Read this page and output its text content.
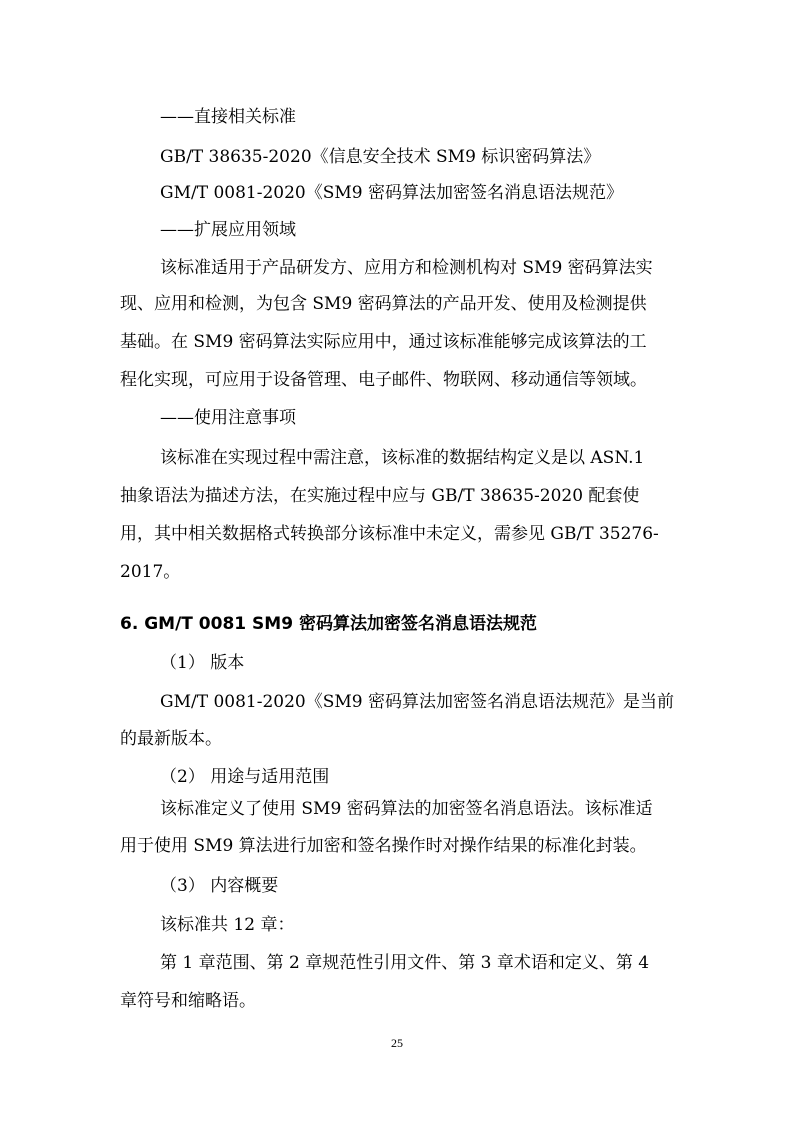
——直接相关标准
GB/T 38635-2020《信息安全技术 SM9 标识密码算法》
GM/T 0081-2020《SM9 密码算法加密签名消息语法规范》
——扩展应用领域
该标准适用于产品研发方、应用方和检测机构对 SM9 密码算法实
现、应用和检测，为包含 SM9 密码算法的产品开发、使用及检测提供
基础。在 SM9 密码算法实际应用中，通过该标准能够完成该算法的工
程化实现，可应用于设备管理、电子邮件、物联网、移动通信等领域。
——使用注意事项
该标准在实现过程中需注意，该标准的数据结构定义是以 ASN.1
抽象语法为描述方法，在实施过程中应与 GB/T 38635-2020 配套使
用，其中相关数据格式转换部分该标准中未定义，需参见 GB/T 35276-
2017。
6. GM/T 0081 SM9 密码算法加密签名消息语法规范
（1） 版本
GM/T 0081-2020《SM9 密码算法加密签名消息语法规范》是当前
的最新版本。
（2） 用途与适用范围
该标准定义了使用 SM9 密码算法的加密签名消息语法。该标准适
用于使用 SM9 算法进行加密和签名操作时对操作结果的标准化封装。
（3） 内容概要
该标准共 12 章：
第 1 章范围、第 2 章规范性引用文件、第 3 章术语和定义、第 4
章符号和缩略语。
25
